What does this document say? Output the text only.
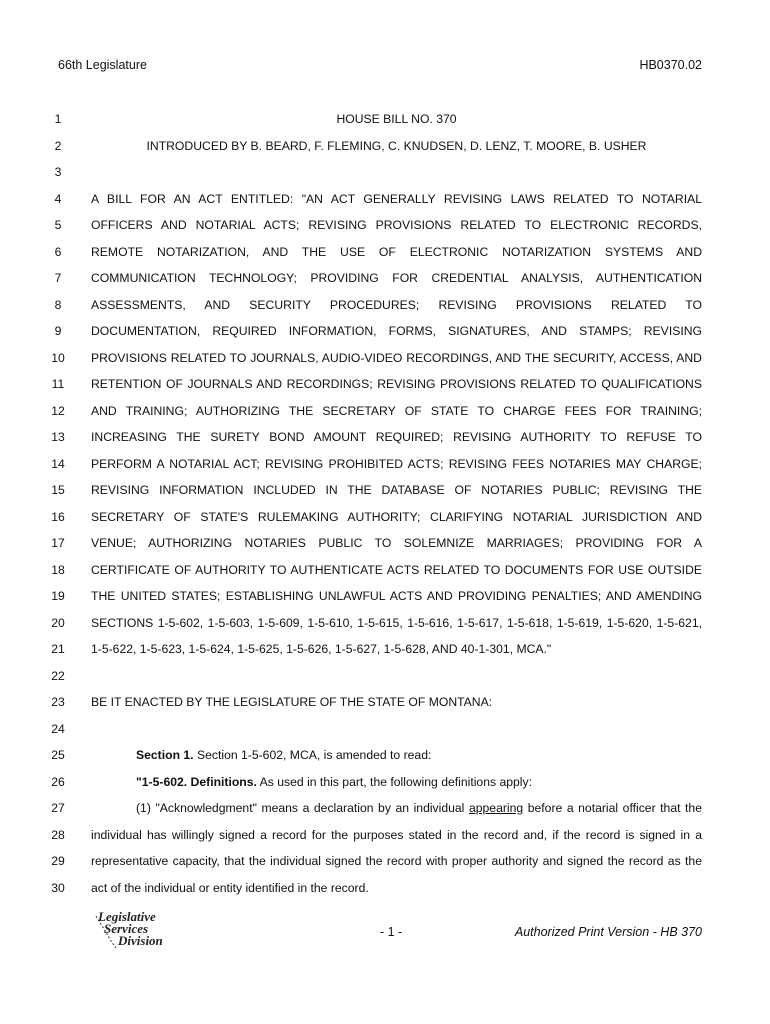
66th Legislature	HB0370.02
1	HOUSE BILL NO. 370
2	INTRODUCED BY B. BEARD, F. FLEMING, C. KNUDSEN, D. LENZ, T. MOORE, B. USHER
3
4	A BILL FOR AN ACT ENTITLED: "AN ACT GENERALLY REVISING LAWS RELATED TO NOTARIAL
5	OFFICERS AND NOTARIAL ACTS; REVISING PROVISIONS RELATED TO ELECTRONIC RECORDS,
6	REMOTE NOTARIZATION, AND THE USE OF ELECTRONIC NOTARIZATION SYSTEMS AND
7	COMMUNICATION TECHNOLOGY; PROVIDING FOR CREDENTIAL ANALYSIS, AUTHENTICATION
8	ASSESSMENTS, AND SECURITY PROCEDURES; REVISING PROVISIONS RELATED TO
9	DOCUMENTATION, REQUIRED INFORMATION, FORMS, SIGNATURES, AND STAMPS; REVISING
10	PROVISIONS RELATED TO JOURNALS, AUDIO-VIDEO RECORDINGS, AND THE SECURITY, ACCESS, AND
11	RETENTION OF JOURNALS AND RECORDINGS; REVISING PROVISIONS RELATED TO QUALIFICATIONS
12	AND TRAINING; AUTHORIZING THE SECRETARY OF STATE TO CHARGE FEES FOR TRAINING;
13	INCREASING THE SURETY BOND AMOUNT REQUIRED; REVISING AUTHORITY TO REFUSE TO
14	PERFORM A NOTARIAL ACT; REVISING PROHIBITED ACTS; REVISING FEES NOTARIES MAY CHARGE;
15	REVISING INFORMATION INCLUDED IN THE DATABASE OF NOTARIES PUBLIC; REVISING THE
16	SECRETARY OF STATE'S RULEMAKING AUTHORITY; CLARIFYING NOTARIAL JURISDICTION AND
17	VENUE; AUTHORIZING NOTARIES PUBLIC TO SOLEMNIZE MARRIAGES; PROVIDING FOR A
18	CERTIFICATE OF AUTHORITY TO AUTHENTICATE ACTS RELATED TO DOCUMENTS FOR USE OUTSIDE
19	THE UNITED STATES; ESTABLISHING UNLAWFUL ACTS AND PROVIDING PENALTIES; AND AMENDING
20	SECTIONS 1-5-602, 1-5-603, 1-5-609, 1-5-610, 1-5-615, 1-5-616, 1-5-617, 1-5-618, 1-5-619, 1-5-620, 1-5-621,
21	1-5-622, 1-5-623, 1-5-624, 1-5-625, 1-5-626, 1-5-627, 1-5-628, AND 40-1-301, MCA."
22
23	BE IT ENACTED BY THE LEGISLATURE OF THE STATE OF MONTANA:
24
25	Section 1. Section 1-5-602, MCA, is amended to read:
26	"1-5-602. Definitions. As used in this part, the following definitions apply:
27	(1) "Acknowledgment" means a declaration by an individual appearing before a notarial officer that the
28	individual has willingly signed a record for the purposes stated in the record and, if the record is signed in a
29	representative capacity, that the individual signed the record with proper authority and signed the record as the
30	act of the individual or entity identified in the record.
Legislative
Services
Division
- 1 -	Authorized Print Version - HB 370
